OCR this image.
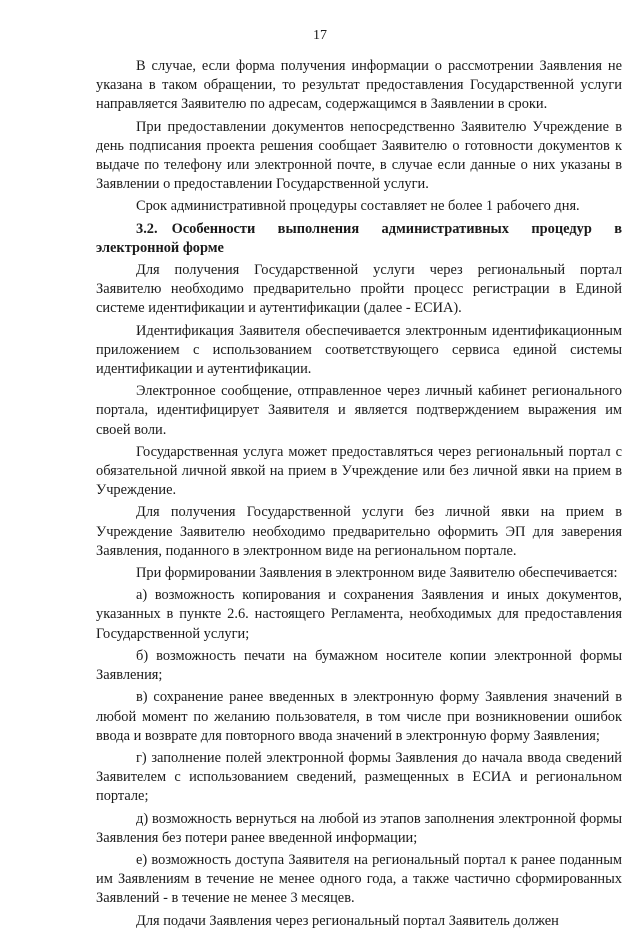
17

В случае, если форма получения информации о рассмотрении Заявления не указана в таком обращении, то результат предоставления Государственной услуги направляется Заявителю по адресам, содержащимся в Заявлении в сроки.

При предоставлении документов непосредственно Заявителю Учреждение в день подписания проекта решения сообщает Заявителю о готовности документов к выдаче по телефону или электронной почте, в случае если данные о них указаны в Заявлении о предоставлении Государственной услуги.

Срок административной процедуры составляет не более 1 рабочего дня.

3.2. Особенности выполнения административных процедур в электронной форме

Для получения Государственной услуги через региональный портал Заявителю необходимо предварительно пройти процесс регистрации в Единой системе идентификации и аутентификации (далее - ЕСИА).

Идентификация Заявителя обеспечивается электронным идентификационным приложением с использованием соответствующего сервиса единой системы идентификации и аутентификации.

Электронное сообщение, отправленное через личный кабинет регионального портала, идентифицирует Заявителя и является подтверждением выражения им своей воли.

Государственная услуга может предоставляться через региональный портал с обязательной личной явкой на прием в Учреждение или без личной явки на прием в Учреждение.

Для получения Государственной услуги без личной явки на прием в Учреждение Заявителю необходимо предварительно оформить ЭП для заверения Заявления, поданного в электронном виде на региональном портале.

При формировании Заявления в электронном виде Заявителю обеспечивается:

а) возможность копирования и сохранения Заявления и иных документов, указанных в пункте 2.6. настоящего Регламента, необходимых для предоставления Государственной услуги;

б) возможность печати на бумажном носителе копии электронной формы Заявления;

в) сохранение ранее введенных в электронную форму Заявления значений в любой момент по желанию пользователя, в том числе при возникновении ошибок ввода и возврате для повторного ввода значений в электронную форму Заявления;

г) заполнение полей электронной формы Заявления до начала ввода сведений Заявителем с использованием сведений, размещенных в ЕСИА и региональном портале;

д) возможность вернуться на любой из этапов заполнения электронной формы Заявления без потери ранее введенной информации;

е) возможность доступа Заявителя на региональный портал к ранее поданным им Заявлениям в течение не менее одного года, а также частично сформированных Заявлений - в течение не менее 3 месяцев.

Для подачи Заявления через региональный портал Заявитель должен
